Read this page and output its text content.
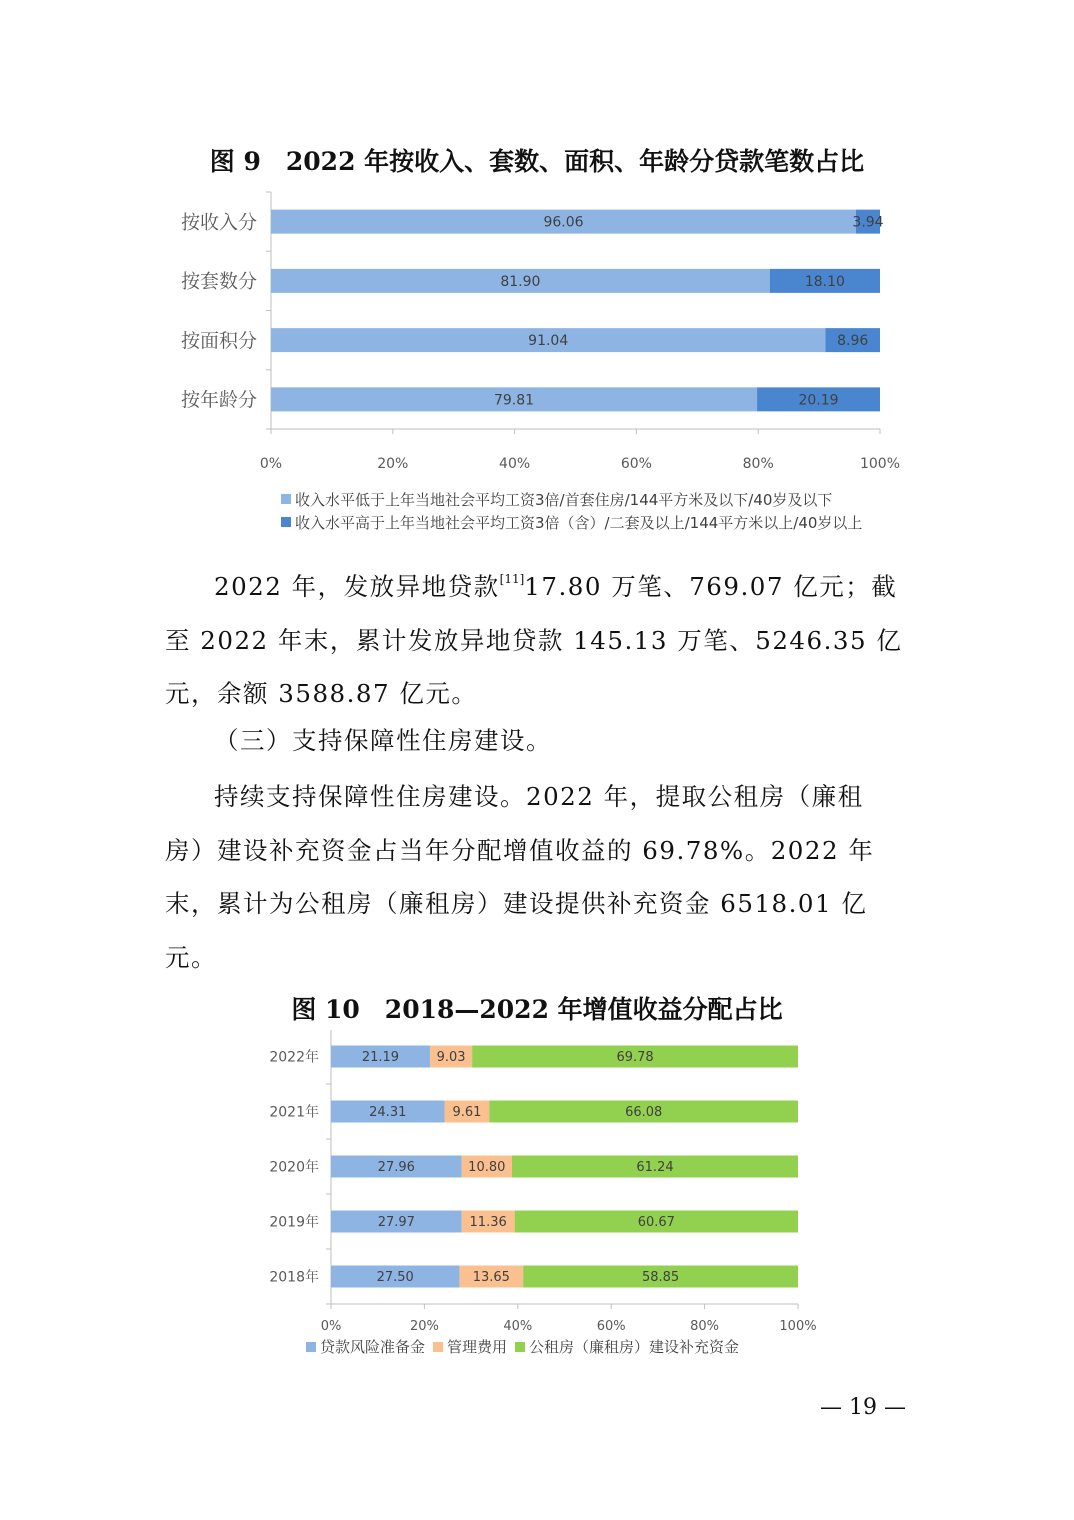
图 9　2022 年按收入、套数、面积、年龄分贷款笔数占比
0%	20%	40%	60%	80%	100%
按收入分	96.06	3.94
按套数分	81.90	18.10
按面积分	91.04	8.96
按年龄分	79.81	20.19
收入水平低于上年当地社会平均工资3倍/首套住房/144平方米及以下/40岁及以下
收入水平高于上年当地社会平均工资3倍（含）/二套及以上/144平方米以上/40岁以上
2022 年，发放异地贷款[11]17.80 万笔、769.07 亿元；截
至 2022 年末，累计发放异地贷款 145.13 万笔、5246.35 亿
元，余额 3588.87 亿元。
（三）支持保障性住房建设。
持续支持保障性住房建设。2022 年，提取公租房（廉租
房）建设补充资金占当年分配增值收益的 69.78%。2022 年
末，累计为公租房（廉租房）建设提供补充资金 6518.01 亿
元。
图 10　2018—2022 年增值收益分配占比
0%	20%	40%	60%	80%	100%
2022年	21.19	9.03	69.78
2021年	24.31	9.61	66.08
2020年	27.96	10.80	61.24
2019年	27.97	11.36	60.67
2018年	27.50	13.65	58.85
贷款风险准备金 管理费用 公租房（廉租房）建设补充资金
— 19 —
